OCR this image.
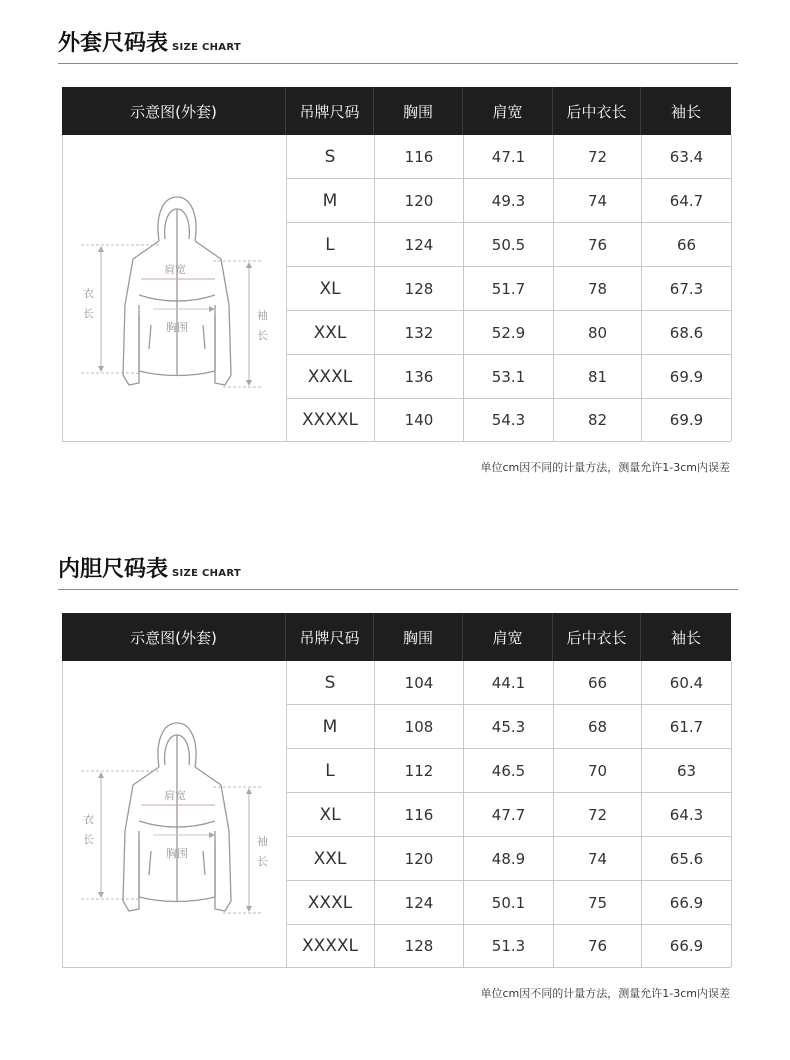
外套尺码表 SIZE CHART
示意图(外套)	吊牌尺码	胸围	肩宽	后中衣长	袖长
肩宽
胸围
衣
长	袖
长
S	116	47.1	72	63.4
M	120	49.3	74	64.7
L	124	50.5	76	66
XL	128	51.7	78	67.3
XXL	132	52.9	80	68.6
XXXL	136	53.1	81	69.9
XXXXL	140	54.3	82	69.9
单位cm因不同的计量方法，测量允许1-3cm内误差
内胆尺码表 SIZE CHART
示意图(外套)	吊牌尺码	胸围	肩宽	后中衣长	袖长
肩宽
胸围
衣
长	袖
长
S	104	44.1	66	60.4
M	108	45.3	68	61.7
L	112	46.5	70	63
XL	116	47.7	72	64.3
XXL	120	48.9	74	65.6
XXXL	124	50.1	75	66.9
XXXXL	128	51.3	76	66.9
单位cm因不同的计量方法，测量允许1-3cm内误差
